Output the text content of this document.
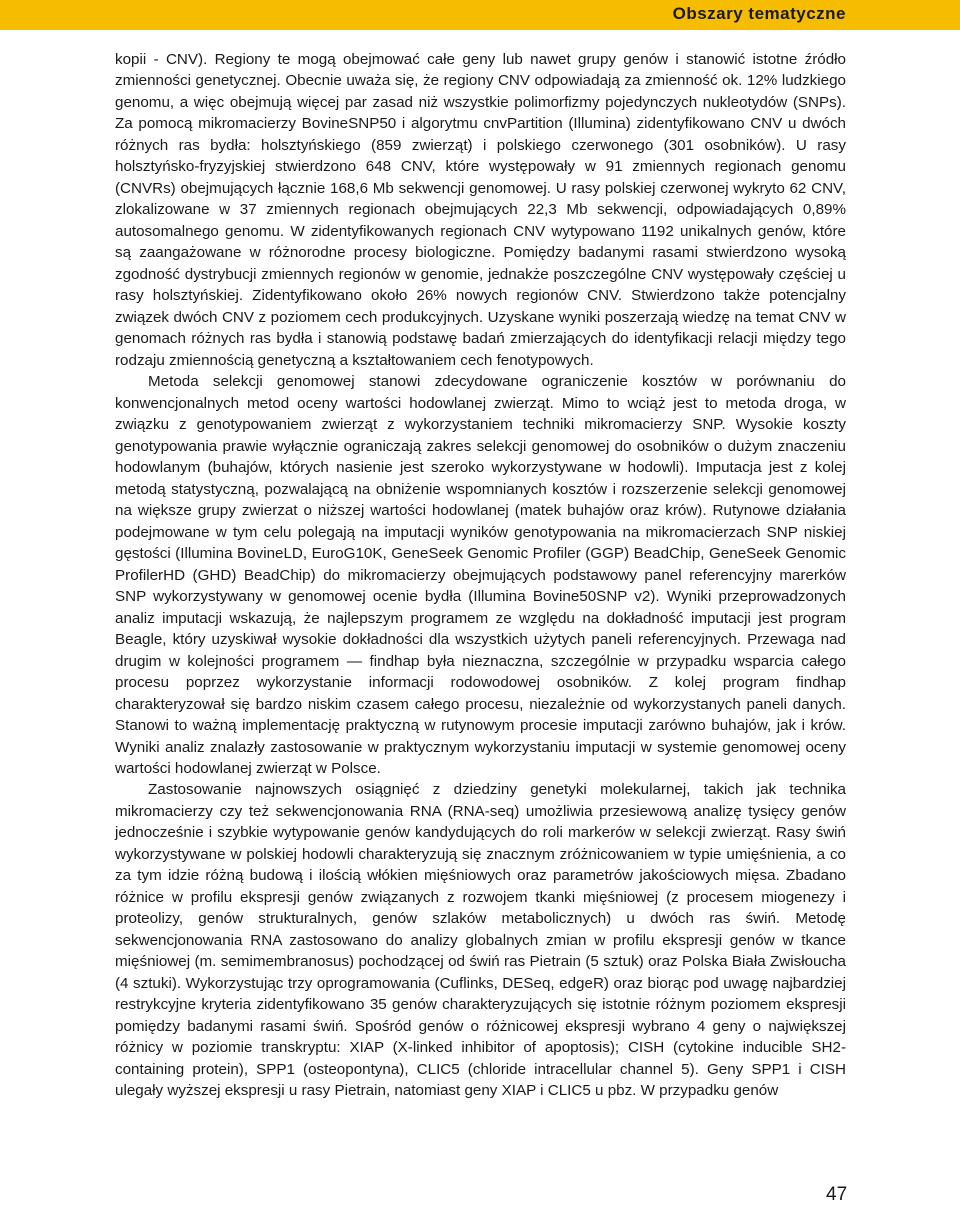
Obszary tematyczne

kopii - CNV). Regiony te mogą obejmować całe geny lub nawet grupy genów i stanowić istotne źródło zmienności genetycznej. Obecnie uważa się, że regiony CNV odpowiadają za zmienność ok. 12% ludzkiego genomu, a więc obejmują więcej par zasad niż wszystkie polimorfizmy pojedynczych nukleotydów (SNPs). Za pomocą mikromacierzy BovineSNP50 i algorytmu cnvPartition (Illumina) zidentyfikowano CNV u dwóch różnych ras bydła: holsztyńskiego (859 zwierząt) i polskiego czerwonego (301 osobników). U rasy holsztyńsko-fryzyjskiej stwierdzono 648 CNV, które występowały w 91 zmiennych regionach genomu (CNVRs) obejmujących łącznie 168,6 Mb sekwencji genomowej. U rasy polskiej czerwonej wykryto 62 CNV, zlokalizowane w 37 zmiennych regionach obejmujących 22,3 Mb sekwencji, odpowiadających 0,89% autosomalnego genomu. W zidentyfikowanych regionach CNV wytypowano 1192 unikalnych genów, które są zaangażowane w różnorodne procesy biologiczne. Pomiędzy badanymi rasami stwierdzono wysoką zgodność dystrybucji zmiennych regionów w genomie, jednakże poszczególne CNV występowały częściej u rasy holsztyńskiej. Zidentyfikowano około 26% nowych regionów CNV. Stwierdzono także potencjalny związek dwóch CNV z poziomem cech produkcyjnych. Uzyskane wyniki poszerzają wiedzę na temat CNV w genomach różnych ras bydła i stanowią podstawę badań zmierzających do identyfikacji relacji między tego rodzaju zmiennością genetyczną a kształtowaniem cech fenotypowych.

Metoda selekcji genomowej stanowi zdecydowane ograniczenie kosztów w porównaniu do konwencjonalnych metod oceny wartości hodowlanej zwierząt. Mimo to wciąż jest to metoda droga, w związku z genotypowaniem zwierząt z wykorzystaniem techniki mikromacierzy SNP. Wysokie koszty genotypowania prawie wyłącznie ograniczają zakres selekcji genomowej do osobników o dużym znaczeniu hodowlanym (buhajów, których nasienie jest szeroko wykorzystywane w hodowli). Imputacja jest z kolej metodą statystyczną, pozwalającą na obniżenie wspomnianych kosztów i rozszerzenie selekcji genomowej na większe grupy zwierzat o niższej wartości hodowlanej (matek buhajów oraz krów). Rutynowe działania podejmowane w tym celu polegają na imputacji wyników genotypowania na mikromacierzach SNP niskiej gęstości (Illumina BovineLD, EuroG10K, GeneSeek Genomic Profiler (GGP) BeadChip, GeneSeek Genomic ProfilerHD (GHD) BeadChip) do mikromacierzy obejmujących podstawowy panel referencyjny marerków SNP wykorzystywany w genomowej ocenie bydła (Illumina Bovine50SNP v2). Wyniki przeprowadzonych analiz imputacji wskazują, że najlepszym programem ze względu na dokładność imputacji jest program Beagle, który uzyskiwał wysokie dokładności dla wszystkich użytych paneli referencyjnych. Przewaga nad drugim w kolejności programem — findhap była nieznaczna, szczególnie w przypadku wsparcia całego procesu poprzez wykorzystanie informacji rodowodowej osobników. Z kolej program findhap charakteryzował się bardzo niskim czasem całego procesu, niezależnie od wykorzystanych paneli danych. Stanowi to ważną implementację praktyczną w rutynowym procesie imputacji zarówno buhajów, jak i krów. Wyniki analiz znalazły zastosowanie w praktycznym wykorzystaniu imputacji w systemie genomowej oceny wartości hodowlanej zwierząt w Polsce.

Zastosowanie najnowszych osiągnięć z dziedziny genetyki molekularnej, takich jak technika mikromacierzy czy też sekwencjonowania RNA (RNA-seq) umożliwia przesiewową analizę tysięcy genów jednocześnie i szybkie wytypowanie genów kandydujących do roli markerów w selekcji zwierząt. Rasy świń wykorzystywane w polskiej hodowli charakteryzują się znacznym zróżnicowaniem w typie umięśnienia, a co za tym idzie różną budową i ilością włókien mięśniowych oraz parametrów jakościowych mięsa. Zbadano różnice w profilu ekspresji genów związanych z rozwojem tkanki mięśniowej (z procesem miogenezy i proteolizy, genów strukturalnych, genów szlaków metabolicznych) u dwóch ras świń. Metodę sekwencjonowania RNA zastosowano do analizy globalnych zmian w profilu ekspresji genów w tkance mięśniowej (m. semimembranosus) pochodzącej od świń ras Pietrain (5 sztuk) oraz Polska Biała Zwisłoucha (4 sztuki). Wykorzystując trzy oprogramowania (Cuflinks, DESeq, edgeR) oraz biorąc pod uwagę najbardziej restrykcyjne kryteria zidentyfikowano 35 genów charakteryzujących się istotnie różnym poziomem ekspresji pomiędzy badanymi rasami świń. Spośród genów o różnicowej ekspresji wybrano 4 geny o największej różnicy w poziomie transkryptu: XIAP (X-linked inhibitor of apoptosis); CISH (cytokine inducible SH2-containing protein), SPP1 (osteopontyna), CLIC5 (chloride intracellular channel 5). Geny SPP1 i CISH ulegały wyższej ekspresji u rasy Pietrain, natomiast geny XIAP i CLIC5 u pbz. W przypadku genów

47
